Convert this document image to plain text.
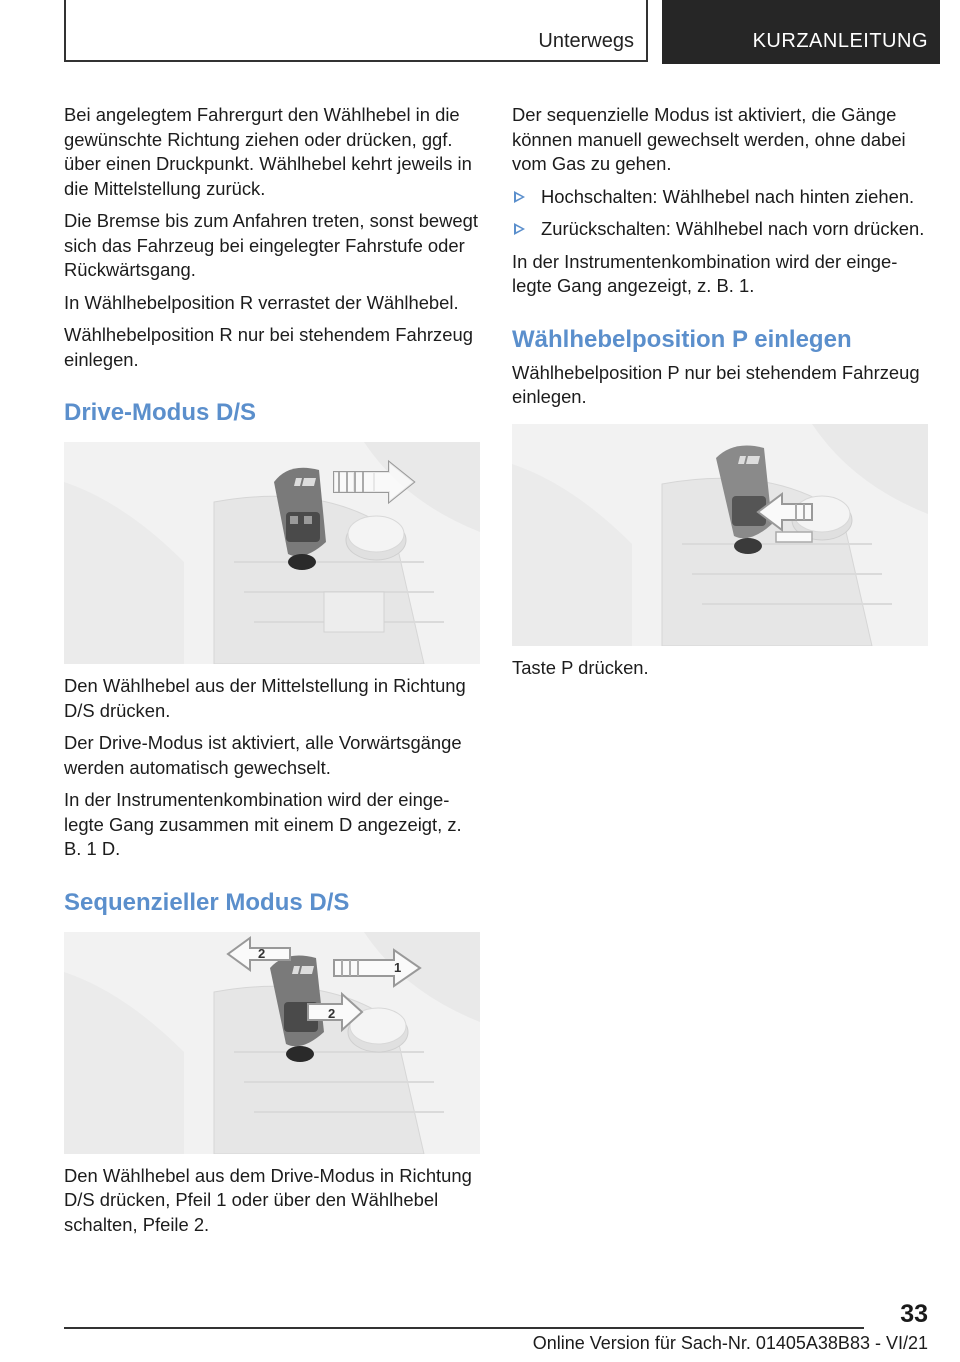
Unterwegs	KURZANLEITUNG

Bei angelegtem Fahrergurt den Wählhebel in die gewünschte Richtung ziehen oder drücken, ggf. über einen Druckpunkt. Wählhebel kehrt jeweils in die Mittelstellung zurück.

Die Bremse bis zum Anfahren treten, sonst bewegt sich das Fahrzeug bei eingelegter Fahrstufe oder Rückwärtsgang.

In Wählhebelposition R verrastet der Wählhebel.

Wählhebelposition R nur bei stehendem Fahrzeug einlegen.

Drive-Modus D/S

Den Wählhebel aus der Mittelstellung in Richtung D/S drücken.

Der Drive-Modus ist aktiviert, alle Vorwärtsgänge werden automatisch gewechselt.

In der Instrumentenkombination wird der eingelegte Gang zusammen mit einem D angezeigt, z. B. 1 D.

Sequenzieller Modus D/S
2
1
2

Den Wählhebel aus dem Drive-Modus in Richtung D/S drücken, Pfeil 1 oder über den Wählhebel schalten, Pfeile 2.

Der sequenzielle Modus ist aktiviert, die Gänge können manuell gewechselt werden, ohne dabei vom Gas zu gehen.

Hochschalten: Wählhebel nach hinten ziehen.
Zurückschalten: Wählhebel nach vorn drücken.

In der Instrumentenkombination wird der eingelegte Gang angezeigt, z. B. 1.

Wählhebelposition P einlegen

Wählhebelposition P nur bei stehendem Fahrzeug einlegen.

Taste P drücken.

33
Online Version für Sach-Nr. 01405A38B83 - VI/21
